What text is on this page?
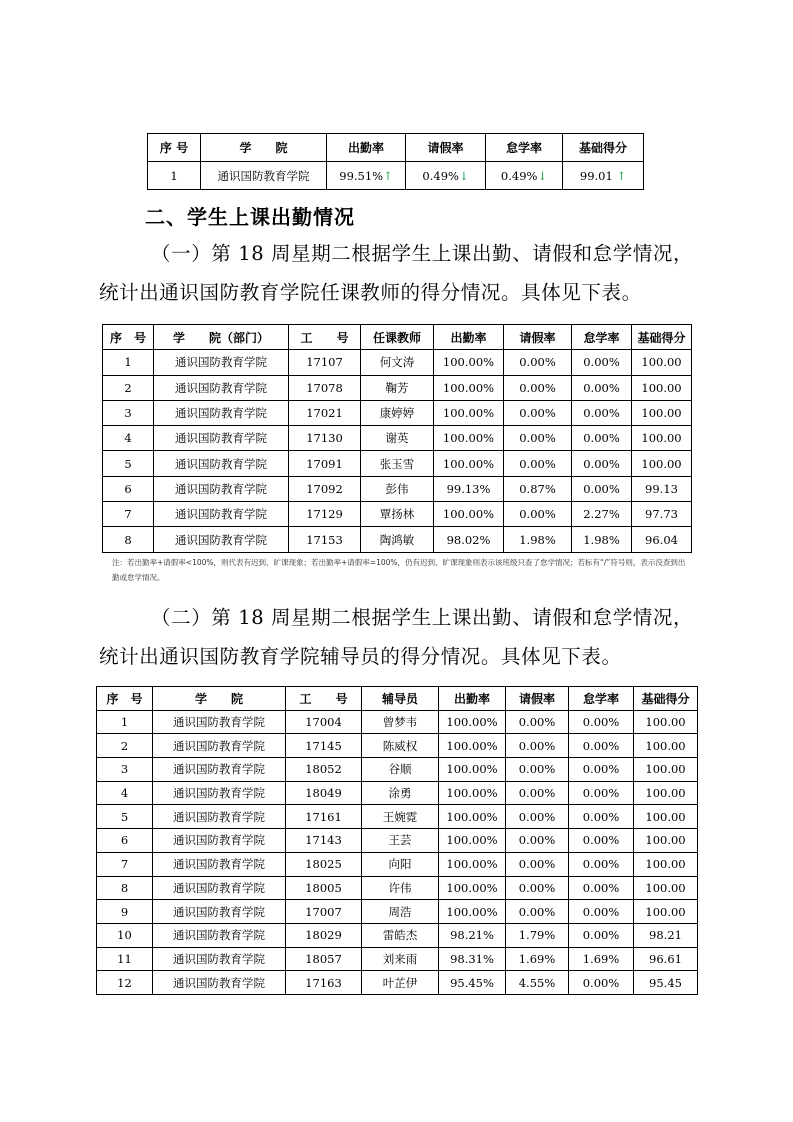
序 号	学　　院	出勤率	请假率	怠学率	基础得分
1	通识国防教育学院	99.51%↑	0.49%↓	0.49%↓	99.01 ↑
二、学生上课出勤情况
（一）第 18 周星期二根据学生上课出勤、请假和怠学情况，统计出通识国防教育学院任课教师的得分情况。具体见下表。
序　号	学　　院（部门）	工　　号	任课教师	出勤率	请假率	怠学率	基础得分
1	通识国防教育学院	17107	何文涛	100.00%	0.00%	0.00%	100.00
2	通识国防教育学院	17078	鞠芳	100.00%	0.00%	0.00%	100.00
3	通识国防教育学院	17021	康婷婷	100.00%	0.00%	0.00%	100.00
4	通识国防教育学院	17130	谢英	100.00%	0.00%	0.00%	100.00
5	通识国防教育学院	17091	张玉雪	100.00%	0.00%	0.00%	100.00
6	通识国防教育学院	17092	彭伟	99.13%	0.87%	0.00%	99.13
7	通识国防教育学院	17129	覃扬林	100.00%	0.00%	2.27%	97.73
8	通识国防教育学院	17153	陶鸿敏	98.02%	1.98%	1.98%	96.04
注：若出勤率+请假率<100%，则代表有迟到、旷课现象；若出勤率+请假率=100%，仍有迟到、旷课现象则表示该班级只查了怠学情况；若标有“/”符号则，表示没查到出勤或怠学情况。
（二）第 18 周星期二根据学生上课出勤、请假和怠学情况，统计出通识国防教育学院辅导员的得分情况。具体见下表。
序　号	学　　院	工　　号	辅导员	出勤率	请假率	怠学率	基础得分
1	通识国防教育学院	17004	曾梦韦	100.00%	0.00%	0.00%	100.00
2	通识国防教育学院	17145	陈威权	100.00%	0.00%	0.00%	100.00
3	通识国防教育学院	18052	谷顺	100.00%	0.00%	0.00%	100.00
4	通识国防教育学院	18049	涂勇	100.00%	0.00%	0.00%	100.00
5	通识国防教育学院	17161	王婉霓	100.00%	0.00%	0.00%	100.00
6	通识国防教育学院	17143	王芸	100.00%	0.00%	0.00%	100.00
7	通识国防教育学院	18025	向阳	100.00%	0.00%	0.00%	100.00
8	通识国防教育学院	18005	许伟	100.00%	0.00%	0.00%	100.00
9	通识国防教育学院	17007	周浩	100.00%	0.00%	0.00%	100.00
10	通识国防教育学院	18029	雷皓杰	98.21%	1.79%	0.00%	98.21
11	通识国防教育学院	18057	刘来雨	98.31%	1.69%	1.69%	96.61
12	通识国防教育学院	17163	叶芷伊	95.45%	4.55%	0.00%	95.45
